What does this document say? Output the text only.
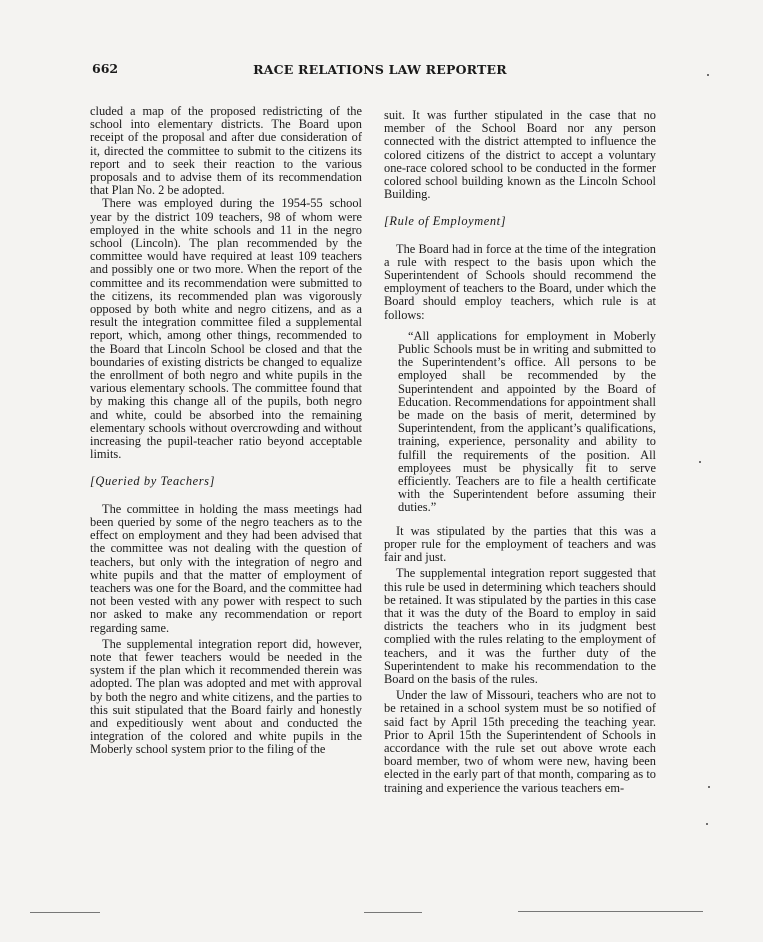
662	RACE RELATIONS LAW REPORTER

cluded a map of the proposed redistricting of the school into elementary districts. The Board upon receipt of the proposal and after due consideration of it, directed the committee to submit to the citizens its report and to seek their reaction to the various proposals and to advise them of its recommendation that Plan No. 2 be adopted.

There was employed during the 1954-55 school year by the district 109 teachers, 98 of whom were employed in the white schools and 11 in the negro school (Lincoln). The plan recommended by the committee would have required at least 109 teachers and possibly one or two more. When the report of the committee and its recommendation were submitted to the citizens, its recommended plan was vigorously opposed by both white and negro citizens, and as a result the integration committee filed a supplemental report, which, among other things, recommended to the Board that Lincoln School be closed and that the boundaries of existing districts be changed to equalize the enrollment of both negro and white pupils in the various elementary schools. The committee found that by making this change all of the pupils, both negro and white, could be absorbed into the remaining elementary schools without overcrowding and without increasing the pupil-teacher ratio beyond acceptable limits.

[Queried by Teachers]

The committee in holding the mass meetings had been queried by some of the negro teachers as to the effect on employment and they had been advised that the committee was not dealing with the question of teachers, but only with the integration of negro and white pupils and that the matter of employment of teachers was one for the Board, and the committee had not been vested with any power with respect to such nor asked to make any recommendation or report regarding same.

The supplemental integration report did, however, note that fewer teachers would be needed in the system if the plan which it recommended therein was adopted. The plan was adopted and met with approval by both the negro and white citizens, and the parties to this suit stipulated that the Board fairly and honestly and expeditiously went about and conducted the integration of the colored and white pupils in the Moberly school system prior to the filing of the

suit. It was further stipulated in the case that no member of the School Board nor any person connected with the district attempted to influence the colored citizens of the district to accept a voluntary one-race colored school to be conducted in the former colored school building known as the Lincoln School Building.

[Rule of Employment]

The Board had in force at the time of the integration a rule with respect to the basis upon which the Superintendent of Schools should recommend the employment of teachers to the Board, under which the Board should employ teachers, which rule is at follows:

“All applications for employment in Moberly Public Schools must be in writing and submitted to the Superintendent’s office. All persons to be employed shall be recommended by the Superintendent and appointed by the Board of Education. Recommendations for appointment shall be made on the basis of merit, determined by Superintendent, from the applicant’s qualifications, training, experience, personality and ability to fulfill the requirements of the position. All employees must be physically fit to serve efficiently. Teachers are to file a health certificate with the Superintendent before assuming their duties.”

It was stipulated by the parties that this was a proper rule for the employment of teachers and was fair and just.

The supplemental integration report suggested that this rule be used in determining which teachers should be retained. It was stipulated by the parties in this case that it was the duty of the Board to employ in said districts the teachers who in its judgment best complied with the rules relating to the employment of teachers, and it was the further duty of the Superintendent to make his recommendation to the Board on the basis of the rules.

Under the law of Missouri, teachers who are not to be retained in a school system must be so notified of said fact by April 15th preceding the teaching year. Prior to April 15th the Superintendent of Schools in accordance with the rule set out above wrote each board member, two of whom were new, having been elected in the early part of that month, comparing as to training and experience the various teachers em-
